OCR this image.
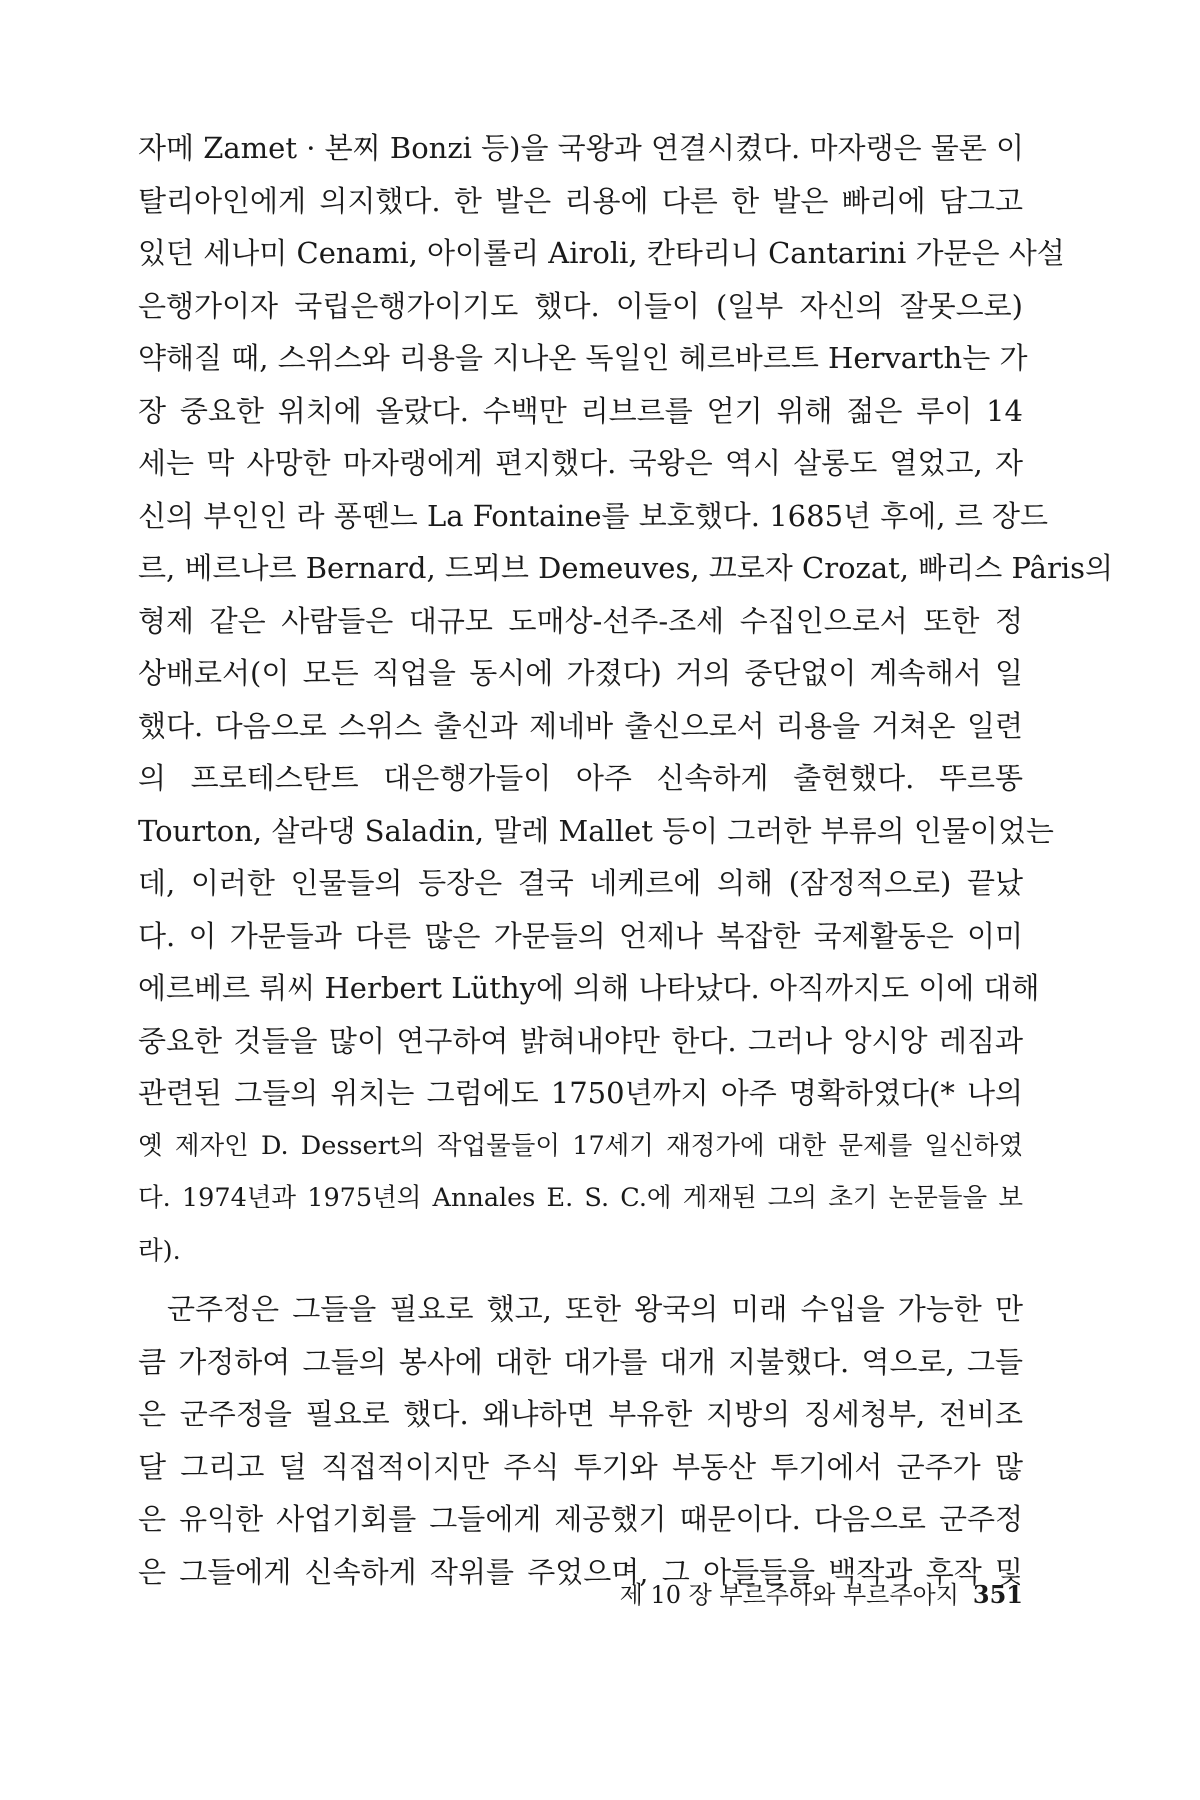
자메 Zamet · 본찌 Bonzi 등)을 국왕과 연결시켰다. 마자랭은 물론 이
탈리아인에게 의지했다. 한 발은 리용에 다른 한 발은 빠리에 담그고
있던 세나미 Cenami, 아이롤리 Airoli, 칸타리니 Cantarini 가문은 사설
은행가이자 국립은행가이기도 했다. 이들이 (일부 자신의 잘못으로)
약해질 때, 스위스와 리용을 지나온 독일인 헤르바르트 Hervarth는 가
장 중요한 위치에 올랐다. 수백만 리브르를 얻기 위해 젊은 루이 14
세는 막 사망한 마자랭에게 편지했다. 국왕은 역시 살롱도 열었고, 자
신의 부인인 라 퐁뗀느 La Fontaine를 보호했다. 1685년 후에, 르 장드
르, 베르나르 Bernard, 드뫼브 Demeuves, 끄로자 Crozat, 빠리스 Pâris의
형제 같은 사람들은 대규모 도매상-선주-조세 수집인으로서 또한 정
상배로서(이 모든 직업을 동시에 가졌다) 거의 중단없이 계속해서 일
했다. 다음으로 스위스 출신과 제네바 출신으로서 리용을 거쳐온 일련
의 프로테스탄트 대은행가들이 아주 신속하게 출현했다. 뚜르똥
Tourton, 살라댕 Saladin, 말레 Mallet 등이 그러한 부류의 인물이었는
데, 이러한 인물들의 등장은 결국 네케르에 의해 (잠정적으로) 끝났
다. 이 가문들과 다른 많은 가문들의 언제나 복잡한 국제활동은 이미
에르베르 뤼씨 Herbert Lüthy에 의해 나타났다. 아직까지도 이에 대해
중요한 것들을 많이 연구하여 밝혀내야만 한다. 그러나 앙시앙 레짐과
관련된 그들의 위치는 그럼에도 1750년까지 아주 명확하였다(* 나의
옛 제자인 D. Dessert의 작업물들이 17세기 재정가에 대한 문제를 일신하였
다. 1974년과 1975년의 Annales E. S. C.에 게재된 그의 초기 논문들을 보
라).
군주정은 그들을 필요로 했고, 또한 왕국의 미래 수입을 가능한 만
큼 가정하여 그들의 봉사에 대한 대가를 대개 지불했다. 역으로, 그들
은 군주정을 필요로 했다. 왜냐하면 부유한 지방의 징세청부, 전비조
달 그리고 덜 직접적이지만 주식 투기와 부동산 투기에서 군주가 많
은 유익한 사업기회를 그들에게 제공했기 때문이다. 다음으로 군주정
은 그들에게 신속하게 작위를 주었으며, 그 아들들을 백작과 후작 및
제 10 장 부르주아와 부르주아지 351
